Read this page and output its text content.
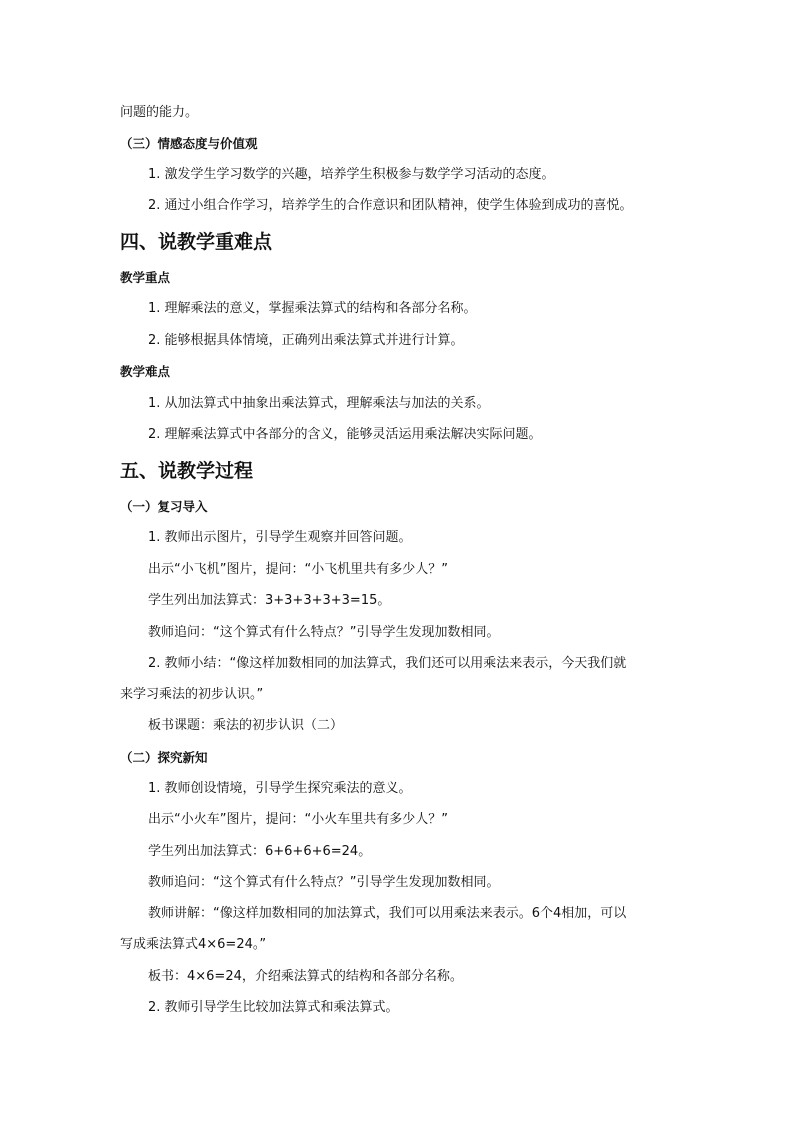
问题的能力。
（三）情感态度与价值观
1. 激发学生学习数学的兴趣，培养学生积极参与数学学习活动的态度。
2. 通过小组合作学习，培养学生的合作意识和团队精神，使学生体验到成功的喜悦。
四、说教学重难点
教学重点
1. 理解乘法的意义，掌握乘法算式的结构和各部分名称。
2. 能够根据具体情境，正确列出乘法算式并进行计算。
教学难点
1. 从加法算式中抽象出乘法算式，理解乘法与加法的关系。
2. 理解乘法算式中各部分的含义，能够灵活运用乘法解决实际问题。
五、说教学过程
（一）复习导入
1. 教师出示图片，引导学生观察并回答问题。
出示“小飞机”图片，提问：“小飞机里共有多少人？”
学生列出加法算式：3+3+3+3+3=15。
教师追问：“这个算式有什么特点？”引导学生发现加数相同。
2. 教师小结：“像这样加数相同的加法算式，我们还可以用乘法来表示，今天我们就
来学习乘法的初步认识。”
板书课题：乘法的初步认识（二）
（二）探究新知
1. 教师创设情境，引导学生探究乘法的意义。
出示“小火车”图片，提问：“小火车里共有多少人？”
学生列出加法算式：6+6+6+6=24。
教师追问：“这个算式有什么特点？”引导学生发现加数相同。
教师讲解：“像这样加数相同的加法算式，我们可以用乘法来表示。6个4相加，可以
写成乘法算式4×6=24。”
板书：4×6=24，介绍乘法算式的结构和各部分名称。
2. 教师引导学生比较加法算式和乘法算式。
